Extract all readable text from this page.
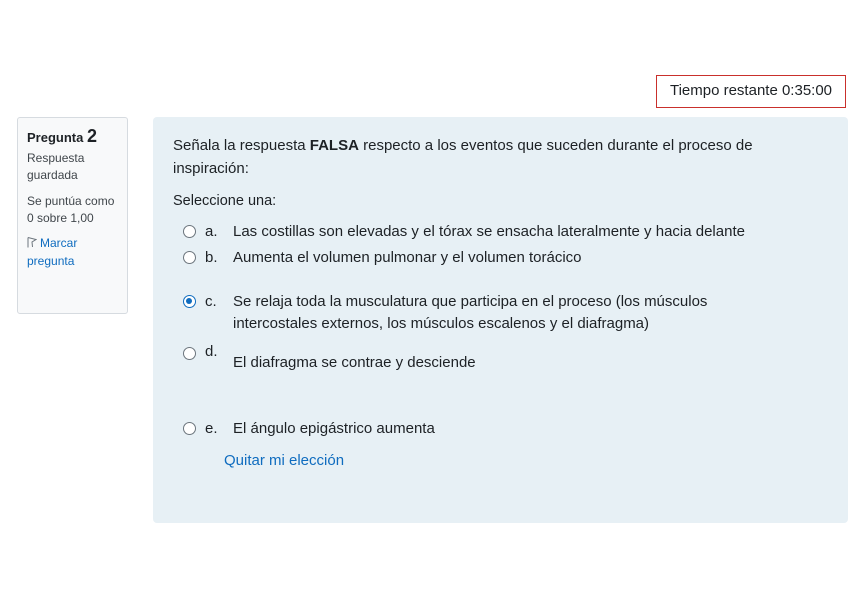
Tiempo restante 0:35:00
Pregunta 2
Respuesta guardada
Se puntúa como 0 sobre 1,00
Marcar pregunta
Señala la respuesta FALSA respecto a los eventos que suceden durante el proceso de inspiración:
Seleccione una:
a.	Las costillas son elevadas y el tórax se ensacha lateralmente y hacia delante
b.	Aumenta el volumen pulmonar y el volumen torácico
c.	Se relaja toda la musculatura que participa en el proceso (los músculos intercostales externos, los músculos escalenos y el diafragma)
d.
El diafragma se contrae y desciende
e.	El ángulo epigástrico aumenta
Quitar mi elección
